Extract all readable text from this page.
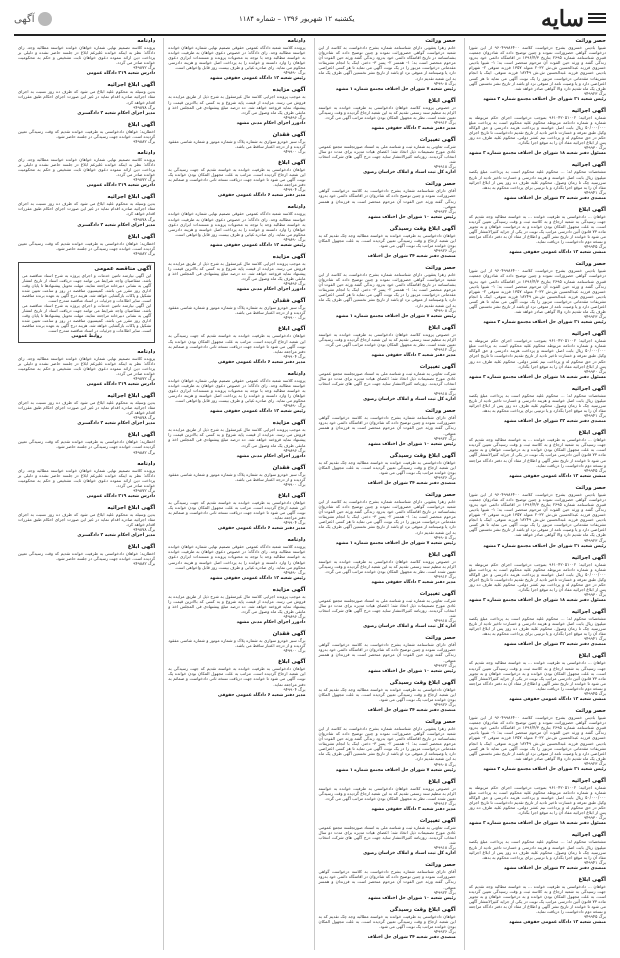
سايه
یکشنبه ۱۲ شهریور ۱۳۹۶ – شماره ۱۱۸۴
آگهی
حصر وراثت

شیوا بادینی خسروی بشرح درخواست کلاسه ۹۶۰۴۹۹۸۶۴۰۰ از این شورا درخواست گواهی حصروراثت نموده و چنین توضیح داده که شادروان جمعیت قنبری شناسنامه شماره ۲۶۹۵ بتاریخ ۱۳۹۶/۴/۳ در اقامتگاه دائمی خود بدرود زندگی گفته و ورثه حین الفوت آن مرحوم منحصر است به: ۱- شیوا بادینی خسروی فرزند عبدالحسین ش.ش ۲۰۳۲ متولد ۱۳۵۷ فرزند متوفی ۲- شهرام بادینی خسروی فرزند عبدالحسین ش.ش ۱۸۲۴۹ فرزند متوفی. اینک با انجام تشریفات مقدماتی درخواست مزبور را یک نوبت آگهی می نماید تا هر کسی اعتراضی دارد و یا وصیت نامه از متوفی نزد او باشد از تاریخ نشر نخستین آگهی ظرف یک ماه تقدیم دارد والا گواهی صادر خواهد شد.

برگ ۹۴۹۹۲۳
رئیس شعبه ۲۱ شورای حل اختلاف مجتمع شماره ۲ مشهد
آگهی اجرائیه

شماره اجرائیه: ۹۶۱۰۴۲۰۵۱۰۰۲ بموجب درخواست اجرای حکم مربوطه به شماره و شماره دادنامه مربوطه محکوم علیه محکوم است به پرداخت مبلغ ۵۰/۰۰۰/۰۰۰ ریال بابت اصل خواسته و پرداخت هزینه دادرسی و حق الوکاله وکیل طبق تعرفه و خسارت تاخیر تادیه از تاریخ تقدیم دادخواست تا تاریخ اجرای حکم در حق محکوم له و پرداخت نیم عشر دولتی. محکوم علیه ظرف ده روز پس از ابلاغ اجرائیه مفاد آن را به موقع اجرا بگذارد.

برگ ۹۴۹۹۳۰
مسئول دفتر شعبه ۱۸ شورای حل اختلاف مجتمع شماره ۳ مشهد
آگهی اجرائیه

مشخصات محکوم له: ... محکوم علیه محکوم است به پرداخت مبلغ یکصد میلیون ریال بابت اصل خواسته و هزینه دادرسی و خسارت تاخیر تادیه از تاریخ سررسید چک تا زمان وصول. محکوم علیه ظرف ده روز پس از ابلاغ اجرائیه مفاد آن را به موقع اجرا بگذارد و یا ترتیبی برای پرداخت محکوم به بدهد.

برگ ۹۴۹۹۴۱
متصدی دفتر شعبه ۲۲ شورای حل اختلاف مشهد
آگهی ابلاغ

خواهان ... دادخواستی به طرفیت خوانده ... به خواسته مطالبه وجه تقدیم که جهت رسیدگی به شعبه ارجاع و به کلاسه ثبت و وقت رسیدگی تعیین گردیده است. به علت مجهول المکان بودن خوانده و به درخواست خواهان و به تجویز ماده ۷۳ قانون آئین دادرسی مراتب یک نوبت در یکی از جراید کثیرالانتشار آگهی می شود تا خوانده از تاریخ نشر آگهی و اطلاع از مفاد آن به دفتر دادگاه مراجعه و نسخه دوم دادخواست را دریافت نماید.

برگ ۹۴۹۹۴۵
منشی شعبه ۱۲ دادگاه عمومی حقوقی مشهد
حصر وراثت

شیوا بادینی خسروی بشرح درخواست کلاسه ۹۶۰۴۹۹۸۶۴۰۰ از این شورا درخواست گواهی حصروراثت نموده و چنین توضیح داده که شادروان جمعیت قنبری شناسنامه شماره ۲۶۹۵ بتاریخ ۱۳۹۶/۴/۳ در اقامتگاه دائمی خود بدرود زندگی گفته و ورثه حین الفوت آن مرحوم منحصر است به: ۱- شیوا بادینی خسروی فرزند عبدالحسین ش.ش ۲۰۳۲ متولد ۱۳۵۷ فرزند متوفی ۲- شهرام بادینی خسروی فرزند عبدالحسین ش.ش ۱۸۲۴۹ فرزند متوفی. اینک با انجام تشریفات مقدماتی درخواست مزبور را یک نوبت آگهی می نماید تا هر کسی اعتراضی دارد و یا وصیت نامه از متوفی نزد او باشد از تاریخ نشر نخستین آگهی ظرف یک ماه تقدیم دارد والا گواهی صادر خواهد شد.

برگ ۹۴۹۹۲۳
رئیس شعبه ۲۱ شورای حل اختلاف مجتمع شماره ۲ مشهد
آگهی اجرائیه

شماره اجرائیه: ۹۶۱۰۴۲۰۵۱۰۰۲ بموجب درخواست اجرای حکم مربوطه به شماره و شماره دادنامه مربوطه محکوم علیه محکوم است به پرداخت مبلغ ۵۰/۰۰۰/۰۰۰ ریال بابت اصل خواسته و پرداخت هزینه دادرسی و حق الوکاله وکیل طبق تعرفه و خسارت تاخیر تادیه از تاریخ تقدیم دادخواست تا تاریخ اجرای حکم در حق محکوم له و پرداخت نیم عشر دولتی. محکوم علیه ظرف ده روز پس از ابلاغ اجرائیه مفاد آن را به موقع اجرا بگذارد.

برگ ۹۴۹۹۳۰
مسئول دفتر شعبه ۱۸ شورای حل اختلاف مجتمع شماره ۳ مشهد
آگهی اجرائیه

مشخصات محکوم له: ... محکوم علیه محکوم است به پرداخت مبلغ یکصد میلیون ریال بابت اصل خواسته و هزینه دادرسی و خسارت تاخیر تادیه از تاریخ سررسید چک تا زمان وصول. محکوم علیه ظرف ده روز پس از ابلاغ اجرائیه مفاد آن را به موقع اجرا بگذارد و یا ترتیبی برای پرداخت محکوم به بدهد.

برگ ۹۴۹۹۴۱
متصدی دفتر شعبه ۲۲ شورای حل اختلاف مشهد
آگهی ابلاغ

خواهان ... دادخواستی به طرفیت خوانده ... به خواسته مطالبه وجه تقدیم که جهت رسیدگی به شعبه ارجاع و به کلاسه ثبت و وقت رسیدگی تعیین گردیده است. به علت مجهول المکان بودن خوانده و به درخواست خواهان و به تجویز ماده ۷۳ قانون آئین دادرسی مراتب یک نوبت در یکی از جراید کثیرالانتشار آگهی می شود تا خوانده از تاریخ نشر آگهی و اطلاع از مفاد آن به دفتر دادگاه مراجعه و نسخه دوم دادخواست را دریافت نماید.

برگ ۹۴۹۹۴۵
منشی شعبه ۱۲ دادگاه عمومی حقوقی مشهد
حصر وراثت

شیوا بادینی خسروی بشرح درخواست کلاسه ۹۶۰۴۹۹۸۶۴۰۰ از این شورا درخواست گواهی حصروراثت نموده و چنین توضیح داده که شادروان جمعیت قنبری شناسنامه شماره ۲۶۹۵ بتاریخ ۱۳۹۶/۴/۳ در اقامتگاه دائمی خود بدرود زندگی گفته و ورثه حین الفوت آن مرحوم منحصر است به: ۱- شیوا بادینی خسروی فرزند عبدالحسین ش.ش ۲۰۳۲ متولد ۱۳۵۷ فرزند متوفی ۲- شهرام بادینی خسروی فرزند عبدالحسین ش.ش ۱۸۲۴۹ فرزند متوفی. اینک با انجام تشریفات مقدماتی درخواست مزبور را یک نوبت آگهی می نماید تا هر کسی اعتراضی دارد و یا وصیت نامه از متوفی نزد او باشد از تاریخ نشر نخستین آگهی ظرف یک ماه تقدیم دارد والا گواهی صادر خواهد شد.

برگ ۹۴۹۹۲۳
رئیس شعبه ۲۱ شورای حل اختلاف مجتمع شماره ۲ مشهد
آگهی اجرائیه

شماره اجرائیه: ۹۶۱۰۴۲۰۵۱۰۰۲ بموجب درخواست اجرای حکم مربوطه به شماره و شماره دادنامه مربوطه محکوم علیه محکوم است به پرداخت مبلغ ۵۰/۰۰۰/۰۰۰ ریال بابت اصل خواسته و پرداخت هزینه دادرسی و حق الوکاله وکیل طبق تعرفه و خسارت تاخیر تادیه از تاریخ تقدیم دادخواست تا تاریخ اجرای حکم در حق محکوم له و پرداخت نیم عشر دولتی. محکوم علیه ظرف ده روز پس از ابلاغ اجرائیه مفاد آن را به موقع اجرا بگذارد.

برگ ۹۴۹۹۳۰
مسئول دفتر شعبه ۱۸ شورای حل اختلاف مجتمع شماره ۳ مشهد
آگهی اجرائیه

مشخصات محکوم له: ... محکوم علیه محکوم است به پرداخت مبلغ یکصد میلیون ریال بابت اصل خواسته و هزینه دادرسی و خسارت تاخیر تادیه از تاریخ سررسید چک تا زمان وصول. محکوم علیه ظرف ده روز پس از ابلاغ اجرائیه مفاد آن را به موقع اجرا بگذارد و یا ترتیبی برای پرداخت محکوم به بدهد.

برگ ۹۴۹۹۴۱
متصدی دفتر شعبه ۲۲ شورای حل اختلاف مشهد
آگهی ابلاغ

خواهان ... دادخواستی به طرفیت خوانده ... به خواسته مطالبه وجه تقدیم که جهت رسیدگی به شعبه ارجاع و به کلاسه ثبت و وقت رسیدگی تعیین گردیده است. به علت مجهول المکان بودن خوانده و به درخواست خواهان و به تجویز ماده ۷۳ قانون آئین دادرسی مراتب یک نوبت در یکی از جراید کثیرالانتشار آگهی می شود تا خوانده از تاریخ نشر آگهی و اطلاع از مفاد آن به دفتر دادگاه مراجعه و نسخه دوم دادخواست را دریافت نماید.

برگ ۹۴۹۹۴۵
منشی شعبه ۱۲ دادگاه عمومی حقوقی مشهد
حصر وراثت

شیوا بادینی خسروی بشرح درخواست کلاسه ۹۶۰۴۹۹۸۶۴۰۰ از این شورا درخواست گواهی حصروراثت نموده و چنین توضیح داده که شادروان جمعیت قنبری شناسنامه شماره ۲۶۹۵ بتاریخ ۱۳۹۶/۴/۳ در اقامتگاه دائمی خود بدرود زندگی گفته و ورثه حین الفوت آن مرحوم منحصر است به: ۱- شیوا بادینی خسروی فرزند عبدالحسین ش.ش ۲۰۳۲ متولد ۱۳۵۷ فرزند متوفی ۲- شهرام بادینی خسروی فرزند عبدالحسین ش.ش ۱۸۲۴۹ فرزند متوفی. اینک با انجام تشریفات مقدماتی درخواست مزبور را یک نوبت آگهی می نماید تا هر کسی اعتراضی دارد و یا وصیت نامه از متوفی نزد او باشد از تاریخ نشر نخستین آگهی ظرف یک ماه تقدیم دارد والا گواهی صادر خواهد شد.

برگ ۹۴۹۹۲۳
رئیس شعبه ۲۱ شورای حل اختلاف مجتمع شماره ۲ مشهد
آگهی اجرائیه

شماره اجرائیه: ۹۶۱۰۴۲۰۵۱۰۰۲ بموجب درخواست اجرای حکم مربوطه به شماره و شماره دادنامه مربوطه محکوم علیه محکوم است به پرداخت مبلغ ۵۰/۰۰۰/۰۰۰ ریال بابت اصل خواسته و پرداخت هزینه دادرسی و حق الوکاله وکیل طبق تعرفه و خسارت تاخیر تادیه از تاریخ تقدیم دادخواست تا تاریخ اجرای حکم در حق محکوم له و پرداخت نیم عشر دولتی. محکوم علیه ظرف ده روز پس از ابلاغ اجرائیه مفاد آن را به موقع اجرا بگذارد.

برگ ۹۴۹۹۳۰
مسئول دفتر شعبه ۱۸ شورای حل اختلاف مجتمع شماره ۳ مشهد
آگهی اجرائیه

مشخصات محکوم له: ... محکوم علیه محکوم است به پرداخت مبلغ یکصد میلیون ریال بابت اصل خواسته و هزینه دادرسی و خسارت تاخیر تادیه از تاریخ سررسید چک تا زمان وصول. محکوم علیه ظرف ده روز پس از ابلاغ اجرائیه مفاد آن را به موقع اجرا بگذارد و یا ترتیبی برای پرداخت محکوم به بدهد.

برگ ۹۴۹۹۴۱
متصدی دفتر شعبه ۲۲ شورای حل اختلاف مشهد
آگهی ابلاغ

خواهان ... دادخواستی به طرفیت خوانده ... به خواسته مطالبه وجه تقدیم که جهت رسیدگی به شعبه ارجاع و به کلاسه ثبت و وقت رسیدگی تعیین گردیده است. به علت مجهول المکان بودن خوانده و به درخواست خواهان و به تجویز ماده ۷۳ قانون آئین دادرسی مراتب یک نوبت در یکی از جراید کثیرالانتشار آگهی می شود تا خوانده از تاریخ نشر آگهی و اطلاع از مفاد آن به دفتر دادگاه مراجعه و نسخه دوم دادخواست را دریافت نماید.

برگ ۹۴۹۹۴۵
منشی شعبه ۱۲ دادگاه عمومی حقوقی مشهد
حصر وراثت

خانم زهرا یعقوبی دارای شناسنامه شماره بشرح دادخواست به کلاسه از این شعبه درخواست گواهی حصروراثت نموده و چنین توضیح داده که شادروان بشناسنامه در تاریخ اقامتگاه دائمی خود بدرود زندگی گفته ورثه حین الفوت آن مرحوم منحصر است به: ۱- همسر ۲- پسر ۳- دختر. اینک با انجام تشریفات مقدماتی درخواست مزبور را در یک نوبت آگهی می نماید تا هر کسی اعتراضی دارد یا وصیتنامه از متوفی نزد او باشد از تاریخ نشر نخستین آگهی ظرف یک ماه به این شعبه تقدیم دارد.

برگ ۹۴۹۹۰۸
رئیس شعبه ۷ شورای حل اختلاف مجتمع شماره ۱ مشهد
آگهی ابلاغ

در خصوص پرونده کلاسه خواهان دادخواستی به طرفیت خوانده به خواسته الزام به تنظیم سند رسمی تقدیم که به این شعبه ارجاع گردیده و وقت رسیدگی تعیین شده است. نظر به مجهول المکان بودن خوانده مراتب آگهی می گردد.

برگ ۹۴۹۹۱۲
مدیر دفتر شعبه ۳ دادگاه حقوقی مشهد
آگهی تغییرات

شرکت تعاونی به شماره ثبت و شناسه ملی به استناد صورتجلسه مجمع عمومی عادی مورخ تصمیمات ذیل اتخاذ شد: اعضای هیات مدیره برای مدت دو سال انتخاب گردیدند. روزنامه کثیرالانتشار سایه جهت درج آگهی های شرکت انتخاب شد.

برگ ۹۴۹۹۱۸
اداره کل ثبت اسناد و املاک خراسان رضوی
حصر وراثت

آقای دارای شناسنامه شماره بشرح دادخواست به کلاسه درخواست گواهی حصروراثت نموده و چنین توضیح داده که شادروان در اقامتگاه دائمی خود بدرود زندگی گفته ورثه حین الفوت آن مرحوم منحصر است به فرزندان و همسر متوفی.

برگ ۹۴۹۹۲۲
رئیس شعبه ۱۰ شورای حل اختلاف مشهد
آگهی ابلاغ وقت رسیدگی

خواهان دادخواستی به طرفیت خوانده به خواسته مطالبه وجه چک تقدیم که به این شعبه ارجاع و وقت رسیدگی تعیین گردیده است. به علت مجهول المکان بودن خوانده مراتب یک نوبت آگهی می شود.

برگ ۹۴۹۹۲۶
متصدی دفتر شعبه ۲۴ شورای حل اختلاف
حصر وراثت

خانم زهرا یعقوبی دارای شناسنامه شماره بشرح دادخواست به کلاسه از این شعبه درخواست گواهی حصروراثت نموده و چنین توضیح داده که شادروان بشناسنامه در تاریخ اقامتگاه دائمی خود بدرود زندگی گفته ورثه حین الفوت آن مرحوم منحصر است به: ۱- همسر ۲- پسر ۳- دختر. اینک با انجام تشریفات مقدماتی درخواست مزبور را در یک نوبت آگهی می نماید تا هر کسی اعتراضی دارد یا وصیتنامه از متوفی نزد او باشد از تاریخ نشر نخستین آگهی ظرف یک ماه به این شعبه تقدیم دارد.

برگ ۹۴۹۹۰۸
رئیس شعبه ۷ شورای حل اختلاف مجتمع شماره ۱ مشهد
آگهی ابلاغ

در خصوص پرونده کلاسه خواهان دادخواستی به طرفیت خوانده به خواسته الزام به تنظیم سند رسمی تقدیم که به این شعبه ارجاع گردیده و وقت رسیدگی تعیین شده است. نظر به مجهول المکان بودن خوانده مراتب آگهی می گردد.

برگ ۹۴۹۹۱۲
مدیر دفتر شعبه ۳ دادگاه حقوقی مشهد
آگهی تغییرات

شرکت تعاونی به شماره ثبت و شناسه ملی به استناد صورتجلسه مجمع عمومی عادی مورخ تصمیمات ذیل اتخاذ شد: اعضای هیات مدیره برای مدت دو سال انتخاب گردیدند. روزنامه کثیرالانتشار سایه جهت درج آگهی های شرکت انتخاب شد.

برگ ۹۴۹۹۱۸
اداره کل ثبت اسناد و املاک خراسان رضوی
حصر وراثت

آقای دارای شناسنامه شماره بشرح دادخواست به کلاسه درخواست گواهی حصروراثت نموده و چنین توضیح داده که شادروان در اقامتگاه دائمی خود بدرود زندگی گفته ورثه حین الفوت آن مرحوم منحصر است به فرزندان و همسر متوفی.

برگ ۹۴۹۹۲۲
رئیس شعبه ۱۰ شورای حل اختلاف مشهد
آگهی ابلاغ وقت رسیدگی

خواهان دادخواستی به طرفیت خوانده به خواسته مطالبه وجه چک تقدیم که به این شعبه ارجاع و وقت رسیدگی تعیین گردیده است. به علت مجهول المکان بودن خوانده مراتب یک نوبت آگهی می شود.

برگ ۹۴۹۹۲۶
متصدی دفتر شعبه ۲۴ شورای حل اختلاف
حصر وراثت

خانم زهرا یعقوبی دارای شناسنامه شماره بشرح دادخواست به کلاسه از این شعبه درخواست گواهی حصروراثت نموده و چنین توضیح داده که شادروان بشناسنامه در تاریخ اقامتگاه دائمی خود بدرود زندگی گفته ورثه حین الفوت آن مرحوم منحصر است به: ۱- همسر ۲- پسر ۳- دختر. اینک با انجام تشریفات مقدماتی درخواست مزبور را در یک نوبت آگهی می نماید تا هر کسی اعتراضی دارد یا وصیتنامه از متوفی نزد او باشد از تاریخ نشر نخستین آگهی ظرف یک ماه به این شعبه تقدیم دارد.

برگ ۹۴۹۹۰۸
رئیس شعبه ۷ شورای حل اختلاف مجتمع شماره ۱ مشهد
آگهی ابلاغ

در خصوص پرونده کلاسه خواهان دادخواستی به طرفیت خوانده به خواسته الزام به تنظیم سند رسمی تقدیم که به این شعبه ارجاع گردیده و وقت رسیدگی تعیین شده است. نظر به مجهول المکان بودن خوانده مراتب آگهی می گردد.

برگ ۹۴۹۹۱۲
مدیر دفتر شعبه ۳ دادگاه حقوقی مشهد
آگهی تغییرات

شرکت تعاونی به شماره ثبت و شناسه ملی به استناد صورتجلسه مجمع عمومی عادی مورخ تصمیمات ذیل اتخاذ شد: اعضای هیات مدیره برای مدت دو سال انتخاب گردیدند. روزنامه کثیرالانتشار سایه جهت درج آگهی های شرکت انتخاب شد.

برگ ۹۴۹۹۱۸
اداره کل ثبت اسناد و املاک خراسان رضوی
حصر وراثت

آقای دارای شناسنامه شماره بشرح دادخواست به کلاسه درخواست گواهی حصروراثت نموده و چنین توضیح داده که شادروان در اقامتگاه دائمی خود بدرود زندگی گفته ورثه حین الفوت آن مرحوم منحصر است به فرزندان و همسر متوفی.

برگ ۹۴۹۹۲۲
رئیس شعبه ۱۰ شورای حل اختلاف مشهد
آگهی ابلاغ وقت رسیدگی

خواهان دادخواستی به طرفیت خوانده به خواسته مطالبه وجه چک تقدیم که به این شعبه ارجاع و وقت رسیدگی تعیین گردیده است. به علت مجهول المکان بودن خوانده مراتب یک نوبت آگهی می شود.

برگ ۹۴۹۹۲۶
متصدی دفتر شعبه ۲۴ شورای حل اختلاف
حصر وراثت

خانم زهرا یعقوبی دارای شناسنامه شماره بشرح دادخواست به کلاسه از این شعبه درخواست گواهی حصروراثت نموده و چنین توضیح داده که شادروان بشناسنامه در تاریخ اقامتگاه دائمی خود بدرود زندگی گفته ورثه حین الفوت آن مرحوم منحصر است به: ۱- همسر ۲- پسر ۳- دختر. اینک با انجام تشریفات مقدماتی درخواست مزبور را در یک نوبت آگهی می نماید تا هر کسی اعتراضی دارد یا وصیتنامه از متوفی نزد او باشد از تاریخ نشر نخستین آگهی ظرف یک ماه به این شعبه تقدیم دارد.

برگ ۹۴۹۹۰۸
رئیس شعبه ۷ شورای حل اختلاف مجتمع شماره ۱ مشهد
آگهی ابلاغ

در خصوص پرونده کلاسه خواهان دادخواستی به طرفیت خوانده به خواسته الزام به تنظیم سند رسمی تقدیم که به این شعبه ارجاع گردیده و وقت رسیدگی تعیین شده است. نظر به مجهول المکان بودن خوانده مراتب آگهی می گردد.

برگ ۹۴۹۹۱۲
مدیر دفتر شعبه ۳ دادگاه حقوقی مشهد
آگهی تغییرات

شرکت تعاونی به شماره ثبت و شناسه ملی به استناد صورتجلسه مجمع عمومی عادی مورخ تصمیمات ذیل اتخاذ شد: اعضای هیات مدیره برای مدت دو سال انتخاب گردیدند. روزنامه کثیرالانتشار سایه جهت درج آگهی های شرکت انتخاب شد.

برگ ۹۴۹۹۱۸
اداره کل ثبت اسناد و املاک خراسان رضوی
حصر وراثت

آقای دارای شناسنامه شماره بشرح دادخواست به کلاسه درخواست گواهی حصروراثت نموده و چنین توضیح داده که شادروان در اقامتگاه دائمی خود بدرود زندگی گفته ورثه حین الفوت آن مرحوم منحصر است به فرزندان و همسر متوفی.

برگ ۹۴۹۹۲۲
رئیس شعبه ۱۰ شورای حل اختلاف مشهد
آگهی ابلاغ وقت رسیدگی

خواهان دادخواستی به طرفیت خوانده به خواسته مطالبه وجه چک تقدیم که به این شعبه ارجاع و وقت رسیدگی تعیین گردیده است. به علت مجهول المکان بودن خوانده مراتب یک نوبت آگهی می شود.

برگ ۹۴۹۹۲۶
متصدی دفتر شعبه ۲۴ شورای حل اختلاف
دادنامه

پرونده کلاسه شعبه دادگاه عمومی حقوقی تصمیم نهایی شماره خواهان خوانده خواسته مطالبه وجه. رای دادگاه: در خصوص دعوی خواهان به طرفیت خوانده به خواسته مطالبه وجه با توجه به محتویات پرونده و مستندات ابرازی دعوی خواهان را وارد دانسته و خوانده را به پرداخت اصل خواسته و هزینه دادرسی محکوم می نماید. رای صادره غیابی و ظرف بیست روز قابل واخواهی است.

برگ ۹۴۹۸۹۰
رئیس شعبه ۱۲ دادگاه عمومی حقوقی مشهد
آگهی مزایده

به موجب پرونده اجرایی کلاسه مال غیرمنقول به شرح ذیل از طریق مزایده به فروش می رسد. مزایده از قیمت پایه شروع و به کسی که بالاترین قیمت را پیشنهاد نماید فروخته خواهد شد. ده درصد مبلغ پیشنهادی فی المجلس اخذ و مابقی ظرف یک ماه وصول می گردد.

برگ ۹۴۹۸۹۶
دادورز اجرای احکام مدنی مشهد
آگهی فقدان

برگ سبز خودرو سواری به شماره پلاک و شماره موتور و شماره شاسی مفقود گردیده و از درجه اعتبار ساقط می باشد.

برگ ۹۴۹۹۰۰
آگهی ابلاغ

خواهان دادخواستی به طرفیت خوانده به خواسته تقدیم که جهت رسیدگی به این شعبه ارجاع گردیده است. مراتب به علت مجهول المکان بودن خوانده یک نوبت آگهی می شود تا خوانده جهت دریافت نسخه ثانی دادخواست و ضمائم به دفتر مراجعه نماید.

برگ ۹۴۹۹۰۴
مدیر دفتر شعبه ۶ دادگاه عمومی حقوقی
دادنامه

پرونده کلاسه شعبه دادگاه عمومی حقوقی تصمیم نهایی شماره خواهان خوانده خواسته مطالبه وجه. رای دادگاه: در خصوص دعوی خواهان به طرفیت خوانده به خواسته مطالبه وجه با توجه به محتویات پرونده و مستندات ابرازی دعوی خواهان را وارد دانسته و خوانده را به پرداخت اصل خواسته و هزینه دادرسی محکوم می نماید. رای صادره غیابی و ظرف بیست روز قابل واخواهی است.

برگ ۹۴۹۸۹۰
رئیس شعبه ۱۲ دادگاه عمومی حقوقی مشهد
آگهی مزایده

به موجب پرونده اجرایی کلاسه مال غیرمنقول به شرح ذیل از طریق مزایده به فروش می رسد. مزایده از قیمت پایه شروع و به کسی که بالاترین قیمت را پیشنهاد نماید فروخته خواهد شد. ده درصد مبلغ پیشنهادی فی المجلس اخذ و مابقی ظرف یک ماه وصول می گردد.

برگ ۹۴۹۸۹۶
دادورز اجرای احکام مدنی مشهد
آگهی فقدان

برگ سبز خودرو سواری به شماره پلاک و شماره موتور و شماره شاسی مفقود گردیده و از درجه اعتبار ساقط می باشد.

برگ ۹۴۹۹۰۰
آگهی ابلاغ

خواهان دادخواستی به طرفیت خوانده به خواسته تقدیم که جهت رسیدگی به این شعبه ارجاع گردیده است. مراتب به علت مجهول المکان بودن خوانده یک نوبت آگهی می شود تا خوانده جهت دریافت نسخه ثانی دادخواست و ضمائم به دفتر مراجعه نماید.

برگ ۹۴۹۹۰۴
مدیر دفتر شعبه ۶ دادگاه عمومی حقوقی
دادنامه

پرونده کلاسه شعبه دادگاه عمومی حقوقی تصمیم نهایی شماره خواهان خوانده خواسته مطالبه وجه. رای دادگاه: در خصوص دعوی خواهان به طرفیت خوانده به خواسته مطالبه وجه با توجه به محتویات پرونده و مستندات ابرازی دعوی خواهان را وارد دانسته و خوانده را به پرداخت اصل خواسته و هزینه دادرسی محکوم می نماید. رای صادره غیابی و ظرف بیست روز قابل واخواهی است.

برگ ۹۴۹۸۹۰
رئیس شعبه ۱۲ دادگاه عمومی حقوقی مشهد
آگهی مزایده

به موجب پرونده اجرایی کلاسه مال غیرمنقول به شرح ذیل از طریق مزایده به فروش می رسد. مزایده از قیمت پایه شروع و به کسی که بالاترین قیمت را پیشنهاد نماید فروخته خواهد شد. ده درصد مبلغ پیشنهادی فی المجلس اخذ و مابقی ظرف یک ماه وصول می گردد.

برگ ۹۴۹۸۹۶
دادورز اجرای احکام مدنی مشهد
آگهی فقدان

برگ سبز خودرو سواری به شماره پلاک و شماره موتور و شماره شاسی مفقود گردیده و از درجه اعتبار ساقط می باشد.

برگ ۹۴۹۹۰۰
آگهی ابلاغ

خواهان دادخواستی به طرفیت خوانده به خواسته تقدیم که جهت رسیدگی به این شعبه ارجاع گردیده است. مراتب به علت مجهول المکان بودن خوانده یک نوبت آگهی می شود تا خوانده جهت دریافت نسخه ثانی دادخواست و ضمائم به دفتر مراجعه نماید.

برگ ۹۴۹۹۰۴
مدیر دفتر شعبه ۶ دادگاه عمومی حقوقی
دادنامه

پرونده کلاسه شعبه دادگاه عمومی حقوقی تصمیم نهایی شماره خواهان خوانده خواسته مطالبه وجه. رای دادگاه: در خصوص دعوی خواهان به طرفیت خوانده به خواسته مطالبه وجه با توجه به محتویات پرونده و مستندات ابرازی دعوی خواهان را وارد دانسته و خوانده را به پرداخت اصل خواسته و هزینه دادرسی محکوم می نماید. رای صادره غیابی و ظرف بیست روز قابل واخواهی است.

برگ ۹۴۹۸۹۰
رئیس شعبه ۱۲ دادگاه عمومی حقوقی مشهد
آگهی مزایده

به موجب پرونده اجرایی کلاسه مال غیرمنقول به شرح ذیل از طریق مزایده به فروش می رسد. مزایده از قیمت پایه شروع و به کسی که بالاترین قیمت را پیشنهاد نماید فروخته خواهد شد. ده درصد مبلغ پیشنهادی فی المجلس اخذ و مابقی ظرف یک ماه وصول می گردد.

برگ ۹۴۹۸۹۶
دادورز اجرای احکام مدنی مشهد
آگهی فقدان

برگ سبز خودرو سواری به شماره پلاک و شماره موتور و شماره شاسی مفقود گردیده و از درجه اعتبار ساقط می باشد.

برگ ۹۴۹۹۰۰
آگهی ابلاغ

خواهان دادخواستی به طرفیت خوانده به خواسته تقدیم که جهت رسیدگی به این شعبه ارجاع گردیده است. مراتب به علت مجهول المکان بودن خوانده یک نوبت آگهی می شود تا خوانده جهت دریافت نسخه ثانی دادخواست و ضمائم به دفتر مراجعه نماید.

برگ ۹۴۹۹۰۴
مدیر دفتر شعبه ۶ دادگاه عمومی حقوقی
دادنامه

پرونده کلاسه تصمیم نهایی شماره خواهان خوانده خواسته مطالبه وجه. رای دادگاه: نظر به اینکه خوانده علیرغم ابلاغ در جلسه حاضر نشده و دلیلی بر پرداخت دین ارائه ننموده دعوی خواهان ثابت تشخیص و حکم به محکومیت خوانده صادر می گردد.

برگ ۹۴۹۸۷۲
دادرس شعبه ۲۱۹ دادگاه عمومی
آگهی ابلاغ اجرائیه

بدین وسیله به محکوم علیه ابلاغ می شود که ظرف ده روز نسبت به اجرای مفاد اجرائیه صادره اقدام نماید در غیر این صورت اجرای احکام طبق مقررات اقدام خواهد کرد.

برگ ۹۴۹۸۷۸
مدیر اجرای احکام شعبه ۲ دادگستری
آگهی ابلاغ

اخطاریه: خواهان دادخواستی به طرفیت خوانده تقدیم که وقت رسیدگی تعیین گردیده است. خوانده جهت رسیدگی در جلسه حاضر شود.

برگ ۹۴۹۸۸۲
دادنامه

پرونده کلاسه تصمیم نهایی شماره خواهان خوانده خواسته مطالبه وجه. رای دادگاه: نظر به اینکه خوانده علیرغم ابلاغ در جلسه حاضر نشده و دلیلی بر پرداخت دین ارائه ننموده دعوی خواهان ثابت تشخیص و حکم به محکومیت خوانده صادر می گردد.

برگ ۹۴۹۸۷۲
دادرس شعبه ۲۱۹ دادگاه عمومی
آگهی ابلاغ اجرائیه

بدین وسیله به محکوم علیه ابلاغ می شود که ظرف ده روز نسبت به اجرای مفاد اجرائیه صادره اقدام نماید در غیر این صورت اجرای احکام طبق مقررات اقدام خواهد کرد.

برگ ۹۴۹۸۷۸
مدیر اجرای احکام شعبه ۲ دادگستری
آگهی ابلاغ

اخطاریه: خواهان دادخواستی به طرفیت خوانده تقدیم که وقت رسیدگی تعیین گردیده است. خوانده جهت رسیدگی در جلسه حاضر شود.

برگ ۹۴۹۸۸۲
آگهی مناقصه عمومی

این آگهی نیازمند تامین خدمات و اجرای پروژه به شرح اسناد مناقصه می باشد. متقاضیان واجد شرایط می توانند جهت دریافت اسناد از تاریخ انتشار آگهی به نشانی دبیرخانه مراجعه نمایند. مهلت تحویل پیشنهادها تا پایان وقت اداری روز مقرر می باشد. کمیسیون مناقصه در روز و ساعت تعیین شده تشکیل و پاکات بازگشایی خواهد شد. هزینه درج آگهی به عهده برنده مناقصه است. سایر اطلاعات و جزئیات در اسناد مناقصه مندرج است.

این آگهی نیازمند تامین خدمات و اجرای پروژه به شرح اسناد مناقصه می باشد. متقاضیان واجد شرایط می توانند جهت دریافت اسناد از تاریخ انتشار آگهی به نشانی دبیرخانه مراجعه نمایند. مهلت تحویل پیشنهادها تا پایان وقت اداری روز مقرر می باشد. کمیسیون مناقصه در روز و ساعت تعیین شده تشکیل و پاکات بازگشایی خواهد شد. هزینه درج آگهی به عهده برنده مناقصه است. سایر اطلاعات و جزئیات در اسناد مناقصه مندرج است.

روابط عمومی
دادنامه

پرونده کلاسه تصمیم نهایی شماره خواهان خوانده خواسته مطالبه وجه. رای دادگاه: نظر به اینکه خوانده علیرغم ابلاغ در جلسه حاضر نشده و دلیلی بر پرداخت دین ارائه ننموده دعوی خواهان ثابت تشخیص و حکم به محکومیت خوانده صادر می گردد.

برگ ۹۴۹۸۷۲
دادرس شعبه ۲۱۹ دادگاه عمومی
آگهی ابلاغ اجرائیه

بدین وسیله به محکوم علیه ابلاغ می شود که ظرف ده روز نسبت به اجرای مفاد اجرائیه صادره اقدام نماید در غیر این صورت اجرای احکام طبق مقررات اقدام خواهد کرد.

برگ ۹۴۹۸۷۸
مدیر اجرای احکام شعبه ۲ دادگستری
آگهی ابلاغ

اخطاریه: خواهان دادخواستی به طرفیت خوانده تقدیم که وقت رسیدگی تعیین گردیده است. خوانده جهت رسیدگی در جلسه حاضر شود.

برگ ۹۴۹۸۸۲
دادنامه

پرونده کلاسه تصمیم نهایی شماره خواهان خوانده خواسته مطالبه وجه. رای دادگاه: نظر به اینکه خوانده علیرغم ابلاغ در جلسه حاضر نشده و دلیلی بر پرداخت دین ارائه ننموده دعوی خواهان ثابت تشخیص و حکم به محکومیت خوانده صادر می گردد.

برگ ۹۴۹۸۷۲
دادرس شعبه ۲۱۹ دادگاه عمومی
آگهی ابلاغ اجرائیه

بدین وسیله به محکوم علیه ابلاغ می شود که ظرف ده روز نسبت به اجرای مفاد اجرائیه صادره اقدام نماید در غیر این صورت اجرای احکام طبق مقررات اقدام خواهد کرد.

برگ ۹۴۹۸۷۸
مدیر اجرای احکام شعبه ۲ دادگستری
آگهی ابلاغ

اخطاریه: خواهان دادخواستی به طرفیت خوانده تقدیم که وقت رسیدگی تعیین گردیده است. خوانده جهت رسیدگی در جلسه حاضر شود.

برگ ۹۴۹۸۸۲
